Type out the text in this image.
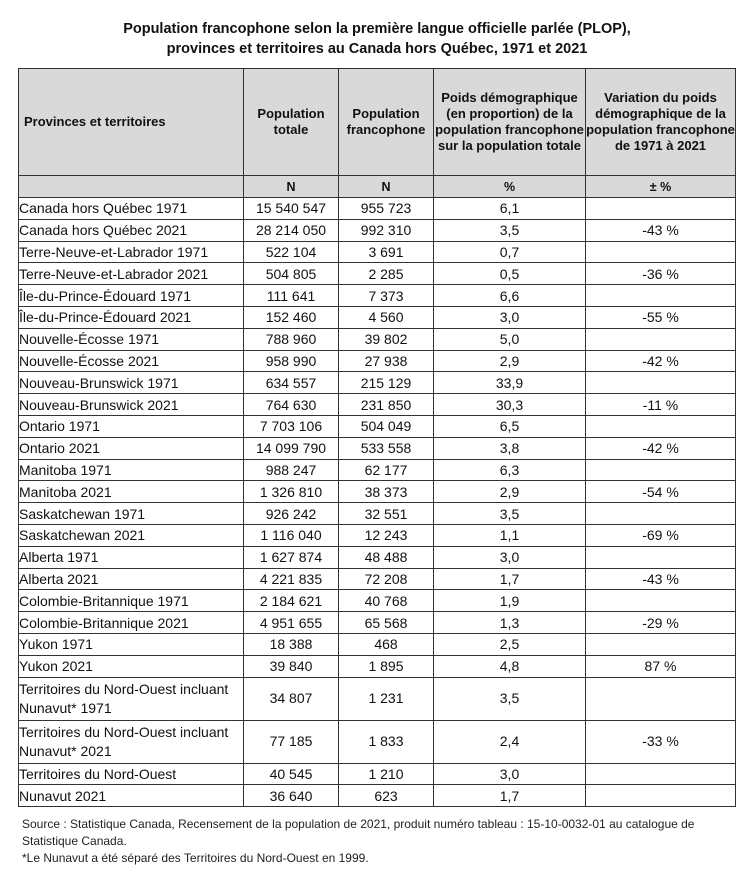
Population francophone selon la première langue officielle parlée (PLOP),
provinces et territoires au Canada hors Québec, 1971 et 2021
Provinces et territoires	Population totale	Population francophone	Poids démographique (en proportion) de la population francophone sur la population totale	Variation du poids démographique de la population francophone de 1971 à 2021
	N	N	%	± %
Canada hors Québec 1971	15 540 547	955 723	6,1	
Canada hors Québec 2021	28 214 050	992 310	3,5	-43 %
Terre-Neuve-et-Labrador 1971	522 104	3 691	0,7	
Terre-Neuve-et-Labrador 2021	504 805	2 285	0,5	-36 %
Île-du-Prince-Édouard 1971	111 641	7 373	6,6	
Île-du-Prince-Édouard 2021	152 460	4 560	3,0	-55 %
Nouvelle-Écosse 1971	788 960	39 802	5,0	
Nouvelle-Écosse 2021	958 990	27 938	2,9	-42 %
Nouveau-Brunswick 1971	634 557	215 129	33,9	
Nouveau-Brunswick 2021	764 630	231 850	30,3	-11 %
Ontario 1971	7 703 106	504 049	6,5	
Ontario 2021	14 099 790	533 558	3,8	-42 %
Manitoba 1971	988 247	62 177	6,3	
Manitoba 2021	1 326 810	38 373	2,9	-54 %
Saskatchewan 1971	926 242	32 551	3,5	
Saskatchewan 2021	1 116 040	12 243	1,1	-69 %
Alberta 1971	1 627 874	48 488	3,0	
Alberta 2021	4 221 835	72 208	1,7	-43 %
Colombie-Britannique 1971	2 184 621	40 768	1,9	
Colombie-Britannique 2021	4 951 655	65 568	1,3	-29 %
Yukon 1971	18 388	468	2,5	
Yukon 2021	39 840	1 895	4,8	87 %
Territoires du Nord-Ouest incluant Nunavut* 1971	34 807	1 231	3,5	
Territoires du Nord-Ouest incluant Nunavut* 2021	77 185	1 833	2,4	-33 %
Territoires du Nord-Ouest	40 545	1 210	3,0	
Nunavut 2021	36 640	623	1,7	
Source : Statistique Canada, Recensement de la population de 2021, produit numéro tableau : 15-10-0032-01 au catalogue de Statistique Canada.
*Le Nunavut a été séparé des Territoires du Nord-Ouest en 1999.
